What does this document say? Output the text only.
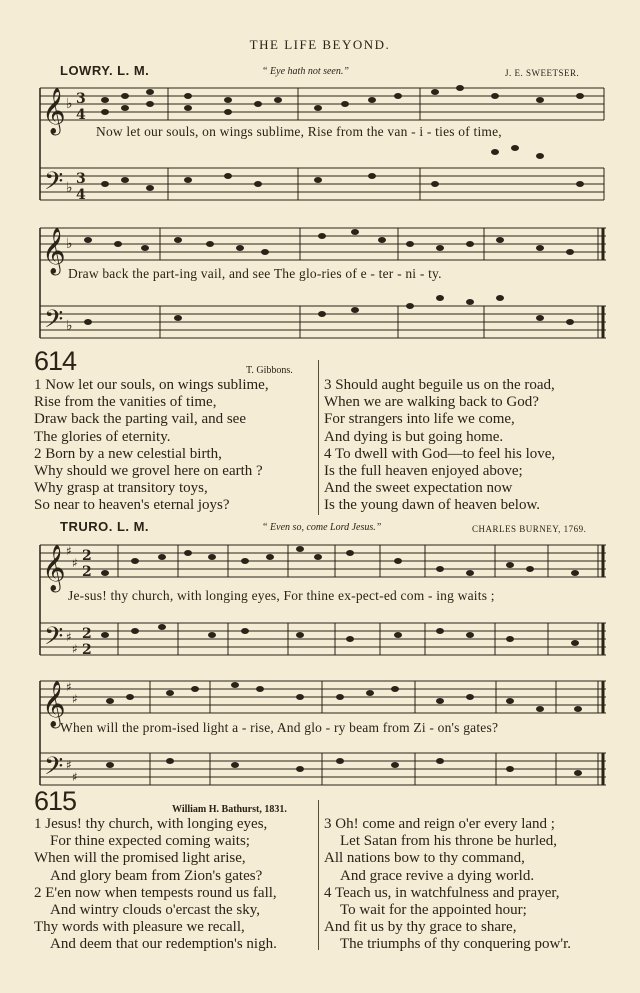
THE LIFE BEYOND.
LOWRY. L. M.	“ Eye hath not seen.”	J. E. SWEETSER.
𝄞
𝄢
𝄞
𝄢
♭
♭
♭
♭
3
4
3
4
Now let our souls, on wings sublime, Rise from the van - i - ties of time,
Draw back the part-ing vail, and see The glo-ries of e - ter - ni - ty.
614	T. Gibbons.
1 Now let our souls, on wings sublime,
Rise from the vanities of time,
Draw back the parting vail, and see
The glories of eternity.
2 Born by a new celestial birth,
Why should we grovel here on earth ?
Why grasp at transitory toys,
So near to heaven's eternal joys?
3 Should aught beguile us on the road,
When we are walking back to God?
For strangers into life we come,
And dying is but going home.
4 To dwell with God—to feel his love,
Is the full heaven enjoyed above;
And the sweet expectation now
Is the young dawn of heaven below.
TRURO. L. M.	“ Even so, come Lord Jesus.”	CHARLES BURNEY, 1769.
𝄞
𝄢
𝄞
𝄢
♯
♯
♯
♯
♯
♯
♯
♯
2
2
2
2
Je-sus! thy church, with longing eyes, For thine ex-pect-ed com - ing waits ;
When will the prom-ised light a - rise, And glo - ry beam from Zi - on's gates?
615	William H. Bathurst, 1831.
1 Jesus! thy church, with longing eyes,
For thine expected coming waits;
When will the promised light arise,
And glory beam from Zion's gates?
2 E'en now when tempests round us fall,
And wintry clouds o'ercast the sky,
Thy words with pleasure we recall,
And deem that our redemption's nigh.
3 Oh! come and reign o'er every land ;
Let Satan from his throne be hurled,
All nations bow to thy command,
And grace revive a dying world.
4 Teach us, in watchfulness and prayer,
To wait for the appointed hour;
And fit us by thy grace to share,
The triumphs of thy conquering pow'r.
